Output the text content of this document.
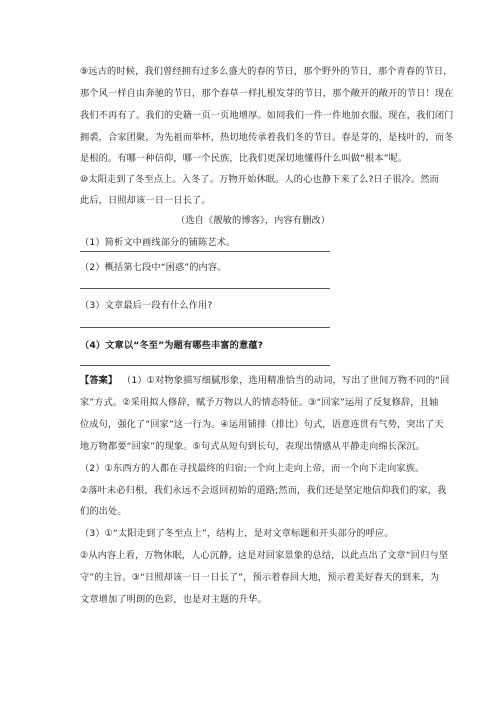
⑨远古的时候，我们曾经拥有过多么盛大的春的节日，那个野外的节日，那个青春的节日，
那个风一样自由奔驰的节日，那个春草一样扎根发芽的节日，那个敞开的敞开的节日！现在
我们不再有了。我们的史籍一页一页地增厚。如同我们一件一件地加衣服。现在，我们闭门
拥裘，合家团聚，为先祖而举杯，热切地传承着我们冬的节日。春是芽的，是枝叶的，而冬
是根的。有哪一种信仰，哪一个民族，比我们更深切地懂得什么叫做“根本”呢。
⑩太阳走到了冬至点上。入冬了。万物开始休眠。人的心也静下来了么?日子很冷。然而
此后，日照却该一日一日长了。
（选自《靓敏的博客》，内容有删改）
（1）简析文中画线部分的铺陈艺术。
（2）概括第七段中“困惑”的内容。
（3）文章最后一段有什么作用?
（4）文章以“冬至”为题有哪些丰富的意蕴?
【答案】 （1）①对物象描写细腻形象，选用精准恰当的动词，写出了世间万物不同的“回
家”方式。②采用拟人修辞，赋予万物以人的情态特征。③“回家”运用了反复修辞，且轴
位成句，强化了“回家”这一行为。④运用铺排（排比）句式，语意连贯有气势，突出了天
地万物都要“回家”的现象。⑤句式从短句到长句，表现出情感从平静走向绵长深沉。
（2）①东西方的人都在寻找最终的归宿;一个向上走向上帝，而一个向下走向家族。
②落叶未必归根，我们永远不会返回初始的道路;然而，我们还是坚定地信仰我们的家，我
们的出处。
（3）①“太阳走到了冬至点上”，结构上，是对文章标题和开头部分的呼应。
②从内容上看，万物休眠，人心沉静，这是对回家景象的总结，以此点出了文章“回归与坚
守”的主旨。③“日照却该一日一日长了”，预示着春回大地，预示着美好春天的到来，为
文章增加了明朗的色彩，也是对主题的升华。
